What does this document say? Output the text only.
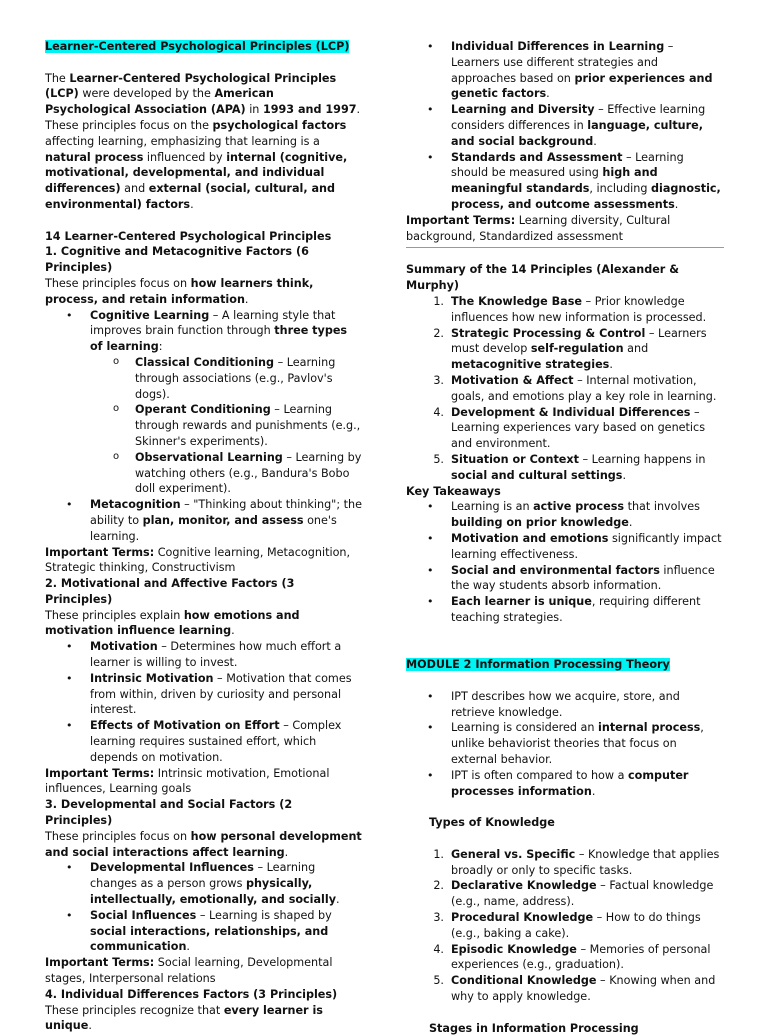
Learner-Centered Psychological Principles (LCP)

The Learner-Centered Psychological Principles (LCP) were developed by the American Psychological Association (APA) in 1993 and 1997. These principles focus on the psychological factors affecting learning, emphasizing that learning is a natural process influenced by internal (cognitive, motivational, developmental, and individual differences) and external (social, cultural, and environmental) factors.

14 Learner-Centered Psychological Principles

1. Cognitive and Metacognitive Factors (6 Principles)

These principles focus on how learners think, process, and retain information.

• Cognitive Learning – A learning style that improves brain function through three types of learning:
o Classical Conditioning – Learning through associations (e.g., Pavlov's dogs).
o Operant Conditioning – Learning through rewards and punishments (e.g., Skinner's experiments).
o Observational Learning – Learning by watching others (e.g., Bandura's Bobo doll experiment).
• Metacognition – "Thinking about thinking"; the ability to plan, monitor, and assess one's learning.

Important Terms: Cognitive learning, Metacognition, Strategic thinking, Constructivism

2. Motivational and Affective Factors (3 Principles)

These principles explain how emotions and motivation influence learning.

• Motivation – Determines how much effort a learner is willing to invest.
• Intrinsic Motivation – Motivation that comes from within, driven by curiosity and personal interest.
• Effects of Motivation on Effort – Complex learning requires sustained effort, which depends on motivation.

Important Terms: Intrinsic motivation, Emotional influences, Learning goals

3. Developmental and Social Factors (2 Principles)

These principles focus on how personal development and social interactions affect learning.

• Developmental Influences – Learning changes as a person grows physically, intellectually, emotionally, and socially.
• Social Influences – Learning is shaped by social interactions, relationships, and communication.

Important Terms: Social learning, Developmental stages, Interpersonal relations

4. Individual Differences Factors (3 Principles)

These principles recognize that every learner is unique.

• Individual Differences in Learning – Learners use different strategies and approaches based on prior experiences and genetic factors.
• Learning and Diversity – Effective learning considers differences in language, culture, and social background.
• Standards and Assessment – Learning should be measured using high and meaningful standards, including diagnostic, process, and outcome assessments.

Important Terms: Learning diversity, Cultural background, Standardized assessment

Summary of the 14 Principles (Alexander & Murphy)

1. The Knowledge Base – Prior knowledge influences how new information is processed.
2. Strategic Processing & Control – Learners must develop self-regulation and metacognitive strategies.
3. Motivation & Affect – Internal motivation, goals, and emotions play a key role in learning.
4. Development & Individual Differences – Learning experiences vary based on genetics and environment.
5. Situation or Context – Learning happens in social and cultural settings.

Key Takeaways

• Learning is an active process that involves building on prior knowledge.
• Motivation and emotions significantly impact learning effectiveness.
• Social and environmental factors influence the way students absorb information.
• Each learner is unique, requiring different teaching strategies.

MODULE 2 Information Processing Theory

• IPT describes how we acquire, store, and retrieve knowledge.
• Learning is considered an internal process, unlike behaviorist theories that focus on external behavior.
• IPT is often compared to how a computer processes information.

Types of Knowledge

1. General vs. Specific – Knowledge that applies broadly or only to specific tasks.
2. Declarative Knowledge – Factual knowledge (e.g., name, address).
3. Procedural Knowledge – How to do things (e.g., baking a cake).
4. Episodic Knowledge – Memories of personal experiences (e.g., graduation).
5. Conditional Knowledge – Knowing when and why to apply knowledge.

Stages in Information Processing
